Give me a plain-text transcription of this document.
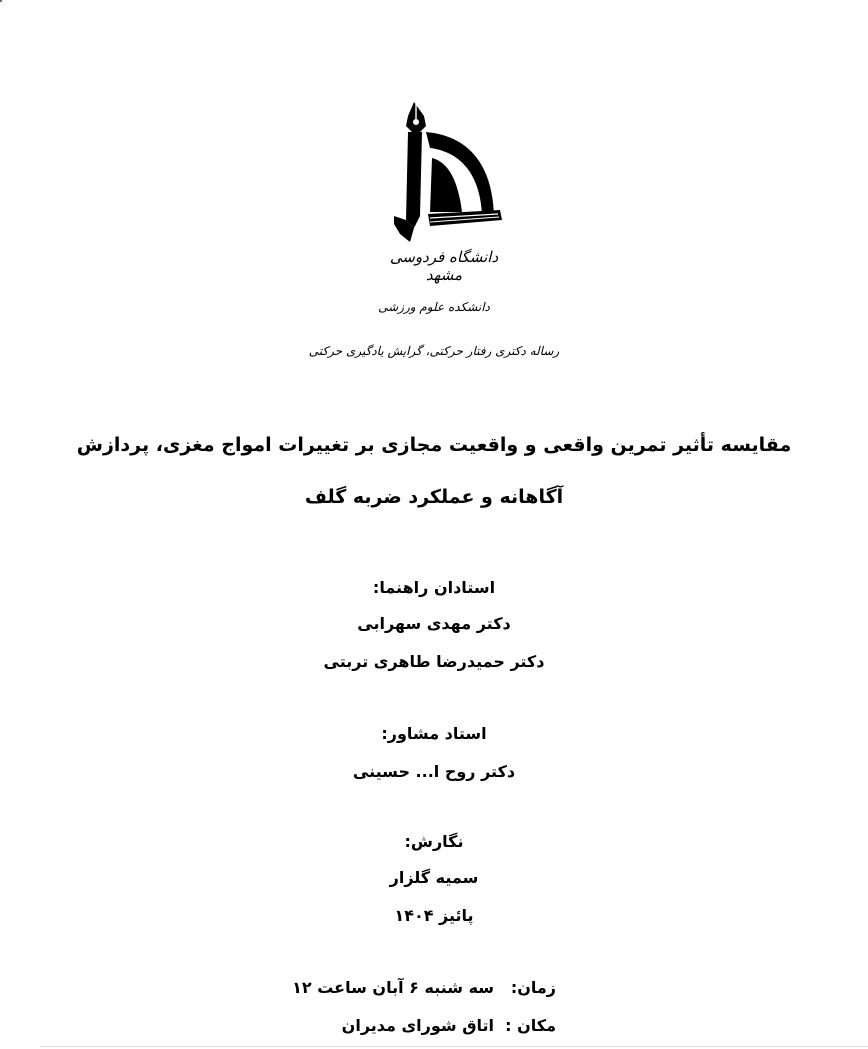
دانشگاه فردوسی مشهد
دانشکده علوم ورزشی
رساله دکتری رفتار حرکتی، گرایش یادگیری حرکتی
مقایسه تأثیر تمرین واقعی و واقعیت مجازی بر تغییرات امواج مغزی، پردازش
آگاهانه و عملکرد ضربه گلف
استادان راهنما:
دکتر مهدی سهرابی
دکتر حمیدرضا طاهری تربتی
استاد مشاور:
دکتر روح ا... حسینی
نگارش:
سمیه گلزار
پائیز ۱۴۰۴
زمان:سه شنبه ۶ آبان ساعت ۱۲
مکان :اتاق شورای مدیران
